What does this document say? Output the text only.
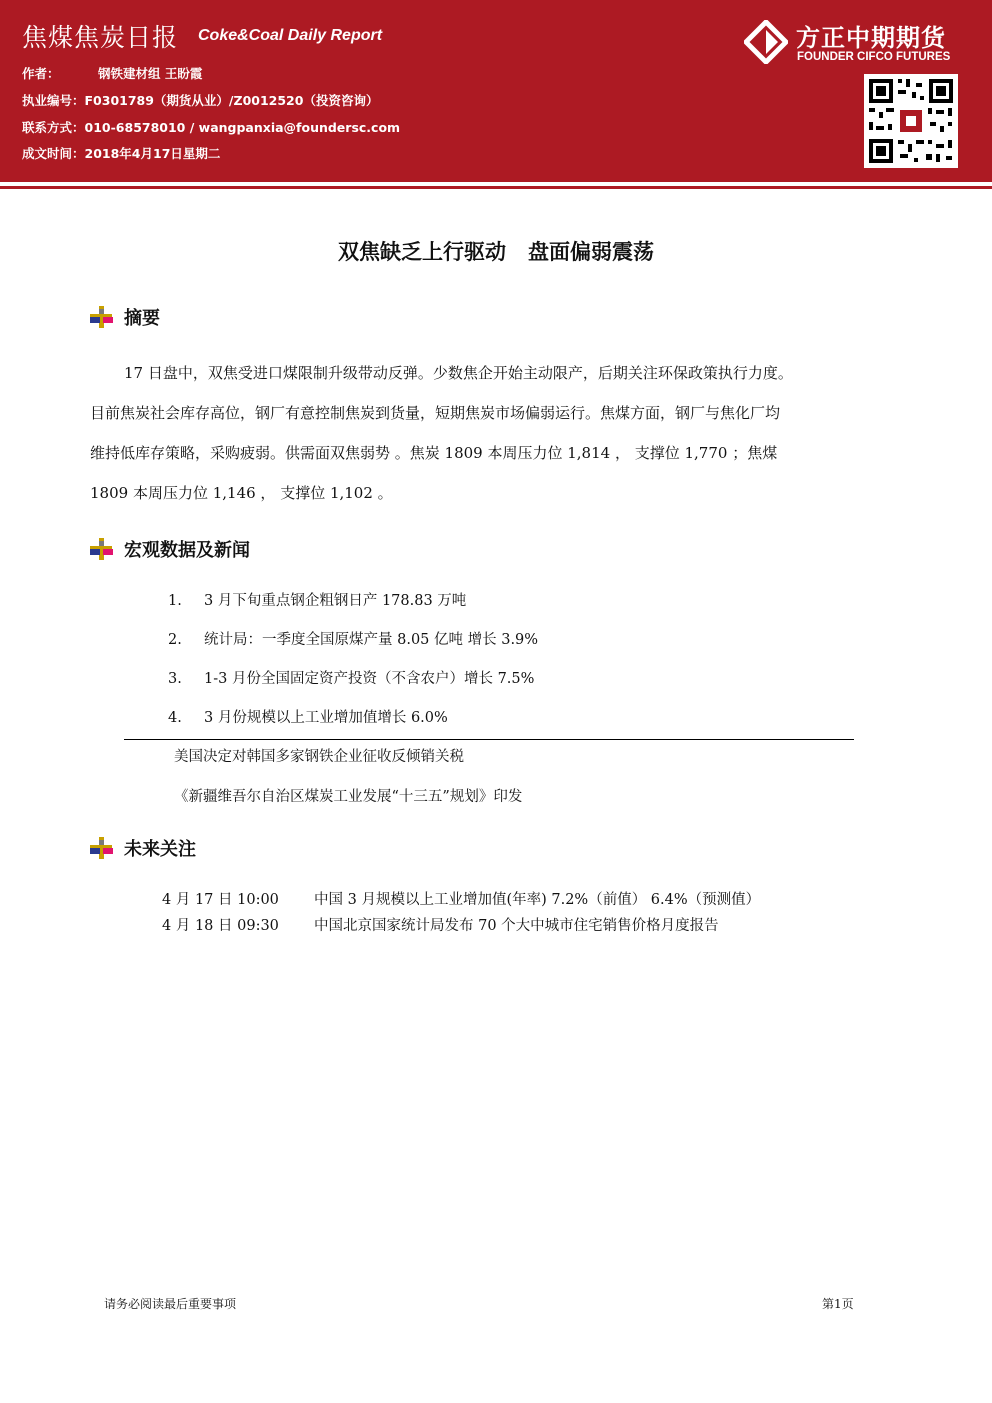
焦煤焦炭日报 Coke&Coal Daily Report
作者：	钢铁建材组 王盼霞
执业编号：F0301789（期货从业）/Z0012520（投资咨询）
联系方式：010-68578010 / wangpanxia@foundersc.com
成文时间：2018年4月17日星期二
方正中期期货
FOUNDER CIFCO FUTURES
双焦缺乏上行驱动   盘面偏弱震荡
摘要
17 日盘中，双焦受进口煤限制升级带动反弹。少数焦企开始主动限产，后期关注环保政策执行力度。
目前焦炭社会库存高位，钢厂有意控制焦炭到货量，短期焦炭市场偏弱运行。焦煤方面，钢厂与焦化厂均
维持低库存策略，采购疲弱。供需面双焦弱势 。焦炭 1809 本周压力位 1,814 ， 支撑位 1,770 ；焦煤
1809 本周压力位 1,146 ， 支撑位 1,102 。
宏观数据及新闻
1. 3 月下旬重点钢企粗钢日产 178.83 万吨
2. 统计局：一季度全国原煤产量 8.05 亿吨 增长 3.9%
3. 1-3 月份全国固定资产投资（不含农户）增长 7.5%
4. 3 月份规模以上工业增加值增长 6.0%
美国决定对韩国多家钢铁企业征收反倾销关税
《新疆维吾尔自治区煤炭工业发展“十三五”规划》印发
未来关注
4 月 17 日 10:00 中国 3 月规模以上工业增加值(年率) 7.2%（前值） 6.4%（预测值）
4 月 18 日 09:30 中国北京国家统计局发布 70 个大中城市住宅销售价格月度报告
请务必阅读最后重要事项	第1页
